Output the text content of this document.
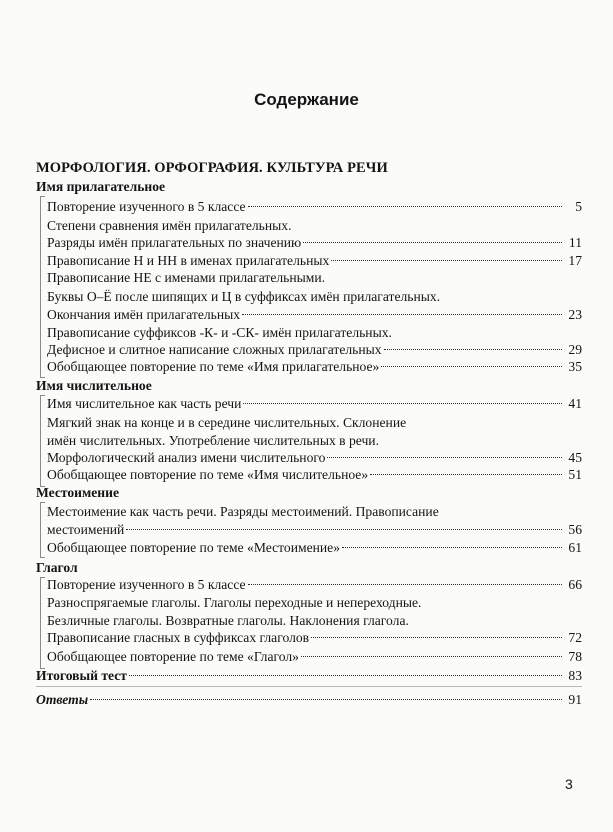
Содержание
МОРФОЛОГИЯ. ОРФОГРАФИЯ. КУЛЬТУРА РЕЧИ
Имя прилагательное
Повторение изученного в 5 классе	5
Степени сравнения имён прилагательных.
Разряды имён прилагательных по значению	11
Правописание Н и НН в именах прилагательных	17
Правописание НЕ с именами прилагательными.
Буквы О–Ё после шипящих и Ц в суффиксах имён прилагательных.
Окончания имён прилагательных	23
Правописание суффиксов -К- и -СК- имён прилагательных.
Дефисное и слитное написание сложных прилагательных	29
Обобщающее повторение по теме «Имя прилагательное»	35
Имя числительное
Имя числительное как часть речи	41
Мягкий знак на конце и в середине числительных. Склонение
имён числительных. Употребление числительных в речи.
Морфологический анализ имени числительного	45
Обобщающее повторение по теме «Имя числительное»	51
Местоимение
Местоимение как часть речи. Разряды местоимений. Правописание
местоимений	56
Обобщающее повторение по теме «Местоимение»	61
Глагол
Повторение изученного в 5 классе	66
Разноспрягаемые глаголы. Глаголы переходные и непереходные.
Безличные глаголы. Возвратные глаголы. Наклонения глагола.
Правописание гласных в суффиксах глаголов	72
Обобщающее повторение по теме «Глагол»	78
Итоговый тест	83
Ответы	91
3
